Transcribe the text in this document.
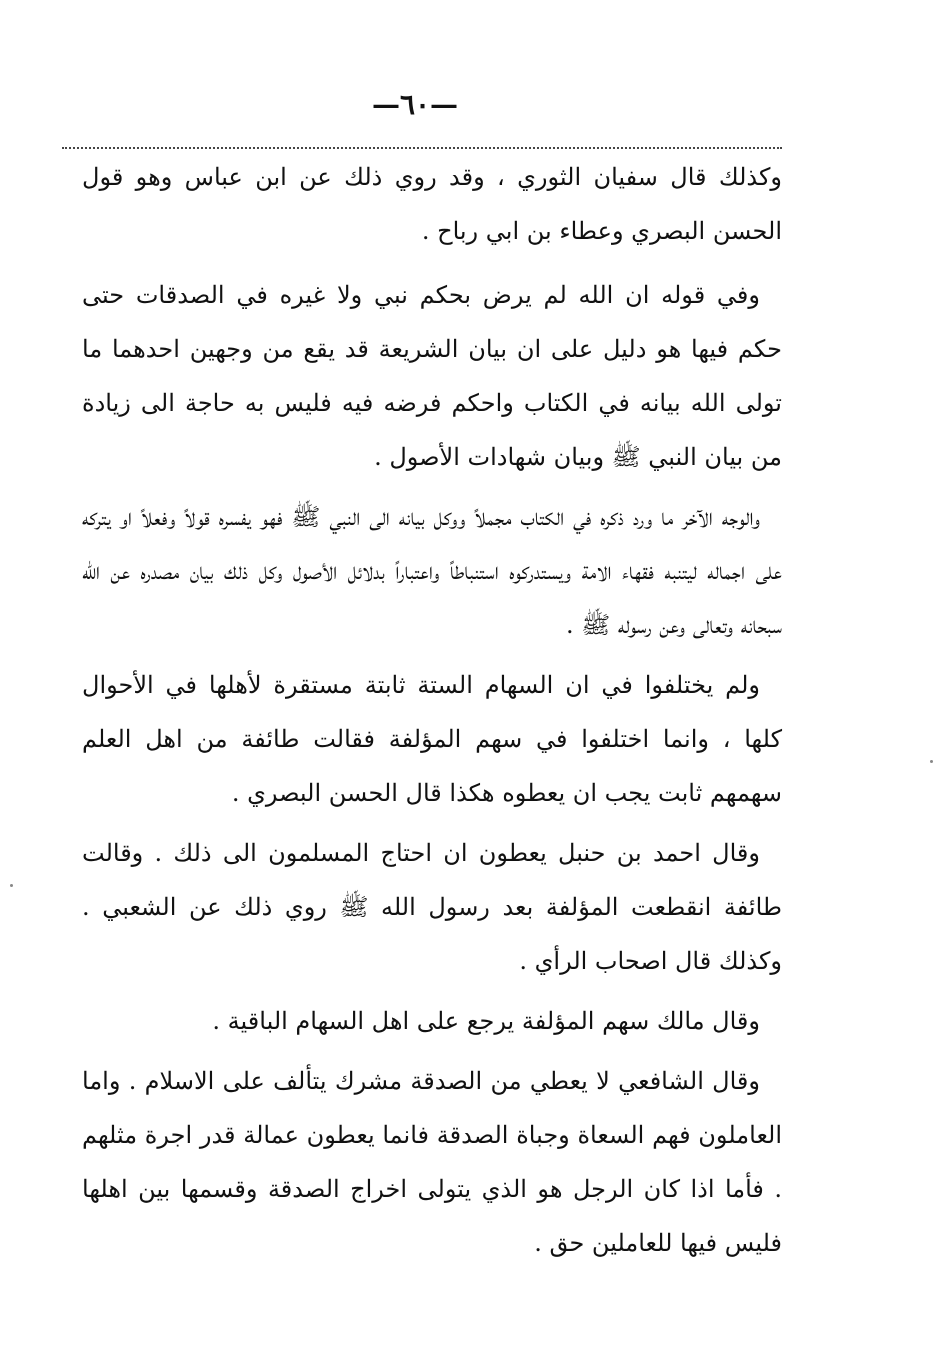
—٦٠—

وكذلك قال سفيان الثوري ، وقد روي ذلك عن ابن عباس وهو قول الحسن البصري وعطاء بن ابي رباح .

وفي قوله ان الله لم يرض بحكم نبي ولا غيره في الصدقات حتى حكم فيها هو دليل على ان بيان الشريعة قد يقع من وجهين احدهما ما تولى الله بيانه في الكتاب واحكم فرضه فيه فليس به حاجة الى زيادة من بيان النبي ﷺ وبيان شهادات الأصول .

والوجه الآخر ما ورد ذكره في الكتاب مجملاً ووكل بيانه الى النبي ﷺ فهو يفسره قولاً وفعلاً او يتركه على اجماله ليتنبه فقهاء الامة ويستدركوه استنباطاً واعتباراً بدلائل الأصول وكل ذلك بيان مصدره عن الله سبحانه وتعالى وعن رسوله ﷺ .

ولم يختلفوا في ان السهام الستة ثابتة مستقرة لأهلها في الأحوال كلها ، وانما اختلفوا في سهم المؤلفة فقالت طائفة من اهل العلم سهمهم ثابت يجب ان يعطوه هكذا قال الحسن البصري .

وقال احمد بن حنبل يعطون ان احتاج المسلمون الى ذلك . وقالت طائفة انقطعت المؤلفة بعد رسول الله ﷺ روي ذلك عن الشعبي . وكذلك قال اصحاب الرأي .

وقال مالك سهم المؤلفة يرجع على اهل السهام الباقية .

وقال الشافعي لا يعطي من الصدقة مشرك يتألف على الاسلام . واما العاملون فهم السعاة وجباة الصدقة فانما يعطون عمالة قدر اجرة مثلهم . فأما اذا كان الرجل هو الذي يتولى اخراج الصدقة وقسمها بين اهلها فليس فيها للعاملين حق .
